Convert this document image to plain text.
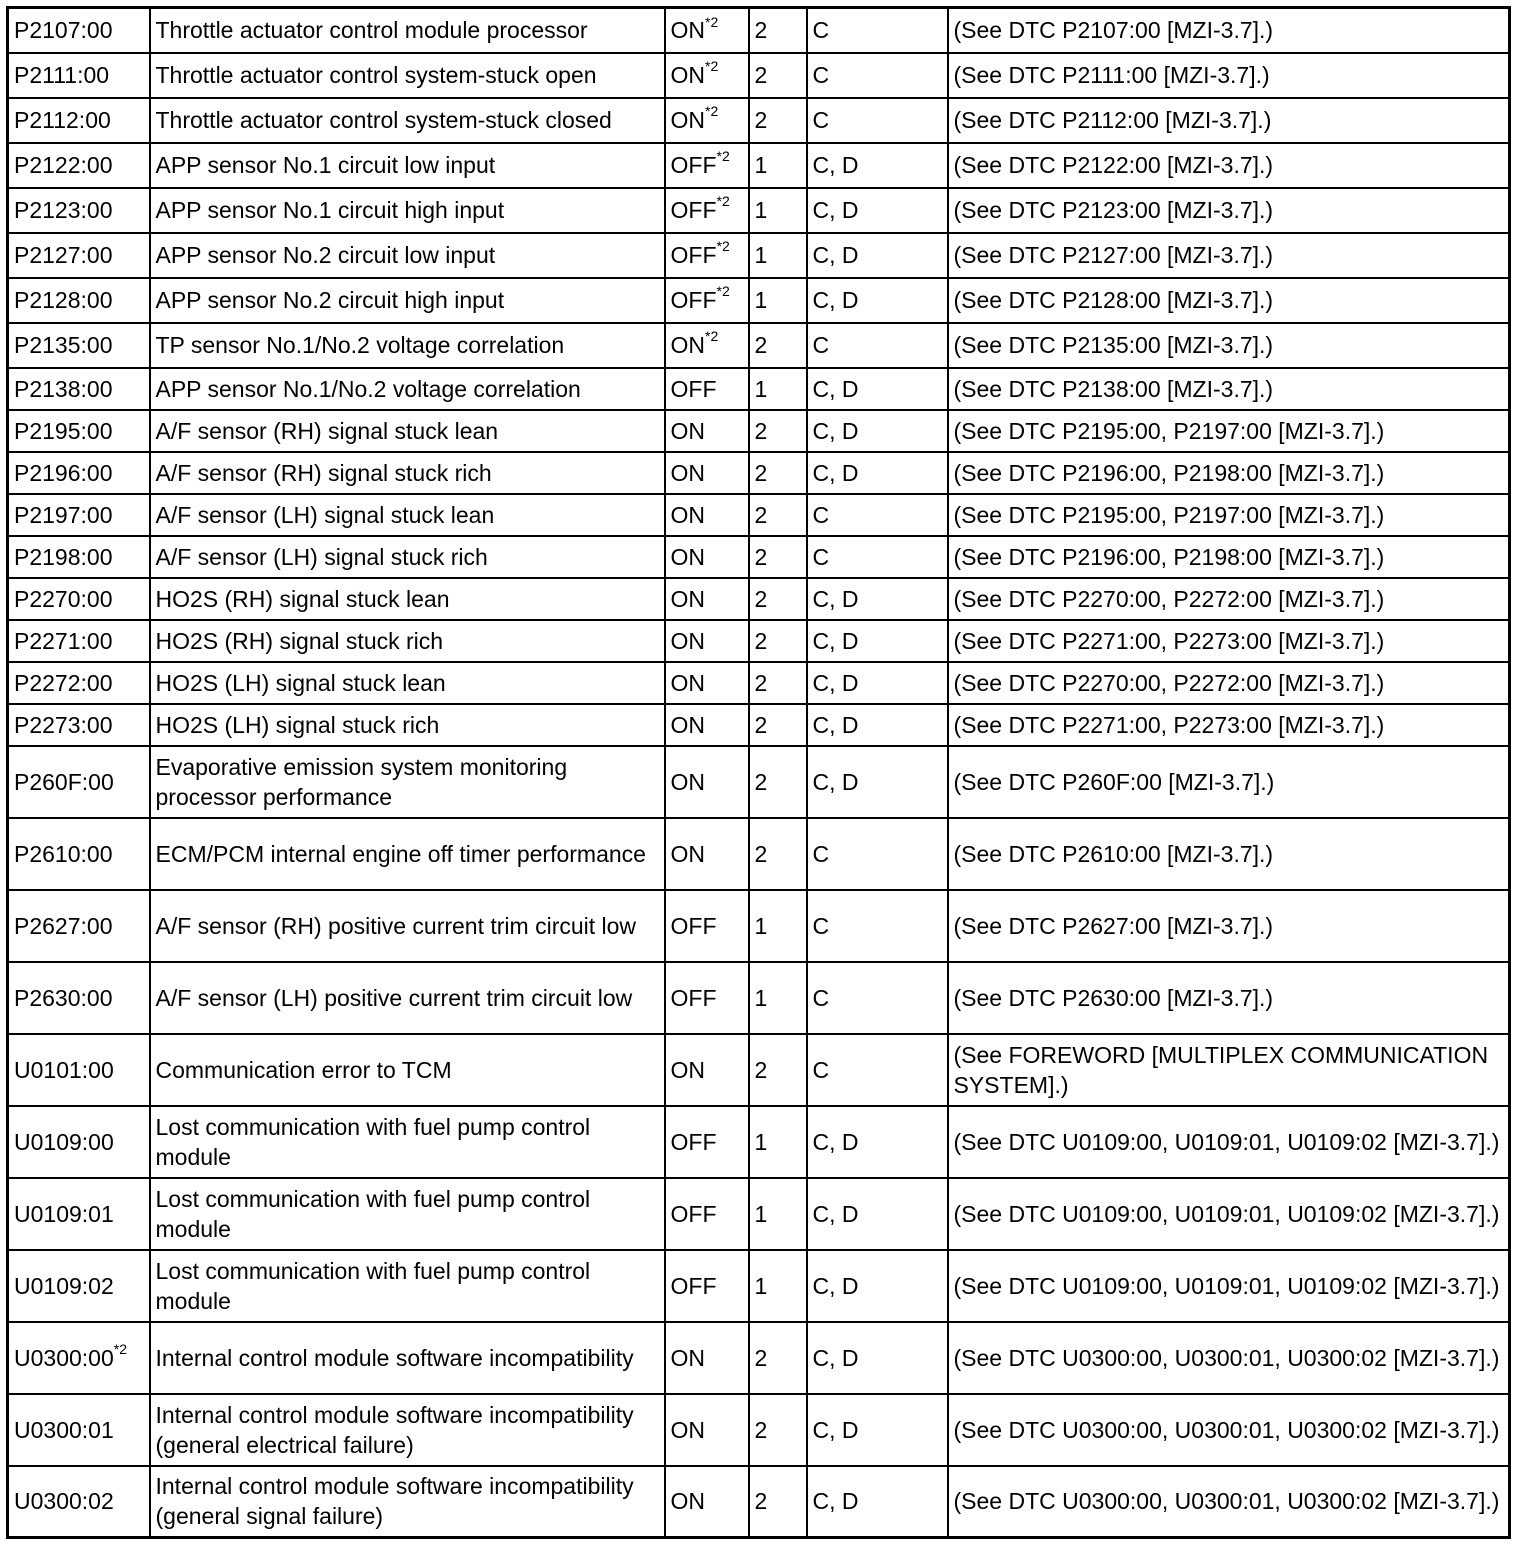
P2107:00	Throttle actuator control module processor	ON$^{*2}$	2	C	(See DTC P2107:00 [MZI-3.7].)
P2111:00	Throttle actuator control system-stuck open	ON$^{*2}$	2	C	(See DTC P2111:00 [MZI-3.7].)
P2112:00	Throttle actuator control system-stuck closed	ON$^{*2}$	2	C	(See DTC P2112:00 [MZI-3.7].)
P2122:00	APP sensor No.1 circuit low input	OFF$^{*2}$	1	C, D	(See DTC P2122:00 [MZI-3.7].)
P2123:00	APP sensor No.1 circuit high input	OFF$^{*2}$	1	C, D	(See DTC P2123:00 [MZI-3.7].)
P2127:00	APP sensor No.2 circuit low input	OFF$^{*2}$	1	C, D	(See DTC P2127:00 [MZI-3.7].)
P2128:00	APP sensor No.2 circuit high input	OFF$^{*2}$	1	C, D	(See DTC P2128:00 [MZI-3.7].)
P2135:00	TP sensor No.1/No.2 voltage correlation	ON$^{*2}$	2	C	(See DTC P2135:00 [MZI-3.7].)
P2138:00	APP sensor No.1/No.2 voltage correlation	OFF	1	C, D	(See DTC P2138:00 [MZI-3.7].)
P2195:00	A/F sensor (RH) signal stuck lean	ON	2	C, D	(See DTC P2195:00, P2197:00 [MZI-3.7].)
P2196:00	A/F sensor (RH) signal stuck rich	ON	2	C, D	(See DTC P2196:00, P2198:00 [MZI-3.7].)
P2197:00	A/F sensor (LH) signal stuck lean	ON	2	C	(See DTC P2195:00, P2197:00 [MZI-3.7].)
P2198:00	A/F sensor (LH) signal stuck rich	ON	2	C	(See DTC P2196:00, P2198:00 [MZI-3.7].)
P2270:00	HO2S (RH) signal stuck lean	ON	2	C, D	(See DTC P2270:00, P2272:00 [MZI-3.7].)
P2271:00	HO2S (RH) signal stuck rich	ON	2	C, D	(See DTC P2271:00, P2273:00 [MZI-3.7].)
P2272:00	HO2S (LH) signal stuck lean	ON	2	C, D	(See DTC P2270:00, P2272:00 [MZI-3.7].)
P2273:00	HO2S (LH) signal stuck rich	ON	2	C, D	(See DTC P2271:00, P2273:00 [MZI-3.7].)
P260F:00	Evaporative emission system monitoring processor performance	ON	2	C, D	(See DTC P260F:00 [MZI-3.7].)
P2610:00	ECM/PCM internal engine off timer performance	ON	2	C	(See DTC P2610:00 [MZI-3.7].)
P2627:00	A/F sensor (RH) positive current trim circuit low	OFF	1	C	(See DTC P2627:00 [MZI-3.7].)
P2630:00	A/F sensor (LH) positive current trim circuit low	OFF	1	C	(See DTC P2630:00 [MZI-3.7].)
U0101:00	Communication error to TCM	ON	2	C	(See FOREWORD [MULTIPLEX COMMUNICATION SYSTEM].)
U0109:00	Lost communication with fuel pump control module	OFF	1	C, D	(See DTC U0109:00, U0109:01, U0109:02 [MZI-3.7].)
U0109:01	Lost communication with fuel pump control module	OFF	1	C, D	(See DTC U0109:00, U0109:01, U0109:02 [MZI-3.7].)
U0109:02	Lost communication with fuel pump control module	OFF	1	C, D	(See DTC U0109:00, U0109:01, U0109:02 [MZI-3.7].)
U0300:00$^{*2}$	Internal control module software incompatibility	ON	2	C, D	(See DTC U0300:00, U0300:01, U0300:02 [MZI-3.7].)
U0300:01	Internal control module software incompatibility (general electrical failure)	ON	2	C, D	(See DTC U0300:00, U0300:01, U0300:02 [MZI-3.7].)
U0300:02	Internal control module software incompatibility (general signal failure)	ON	2	C, D	(See DTC U0300:00, U0300:01, U0300:02 [MZI-3.7].)
